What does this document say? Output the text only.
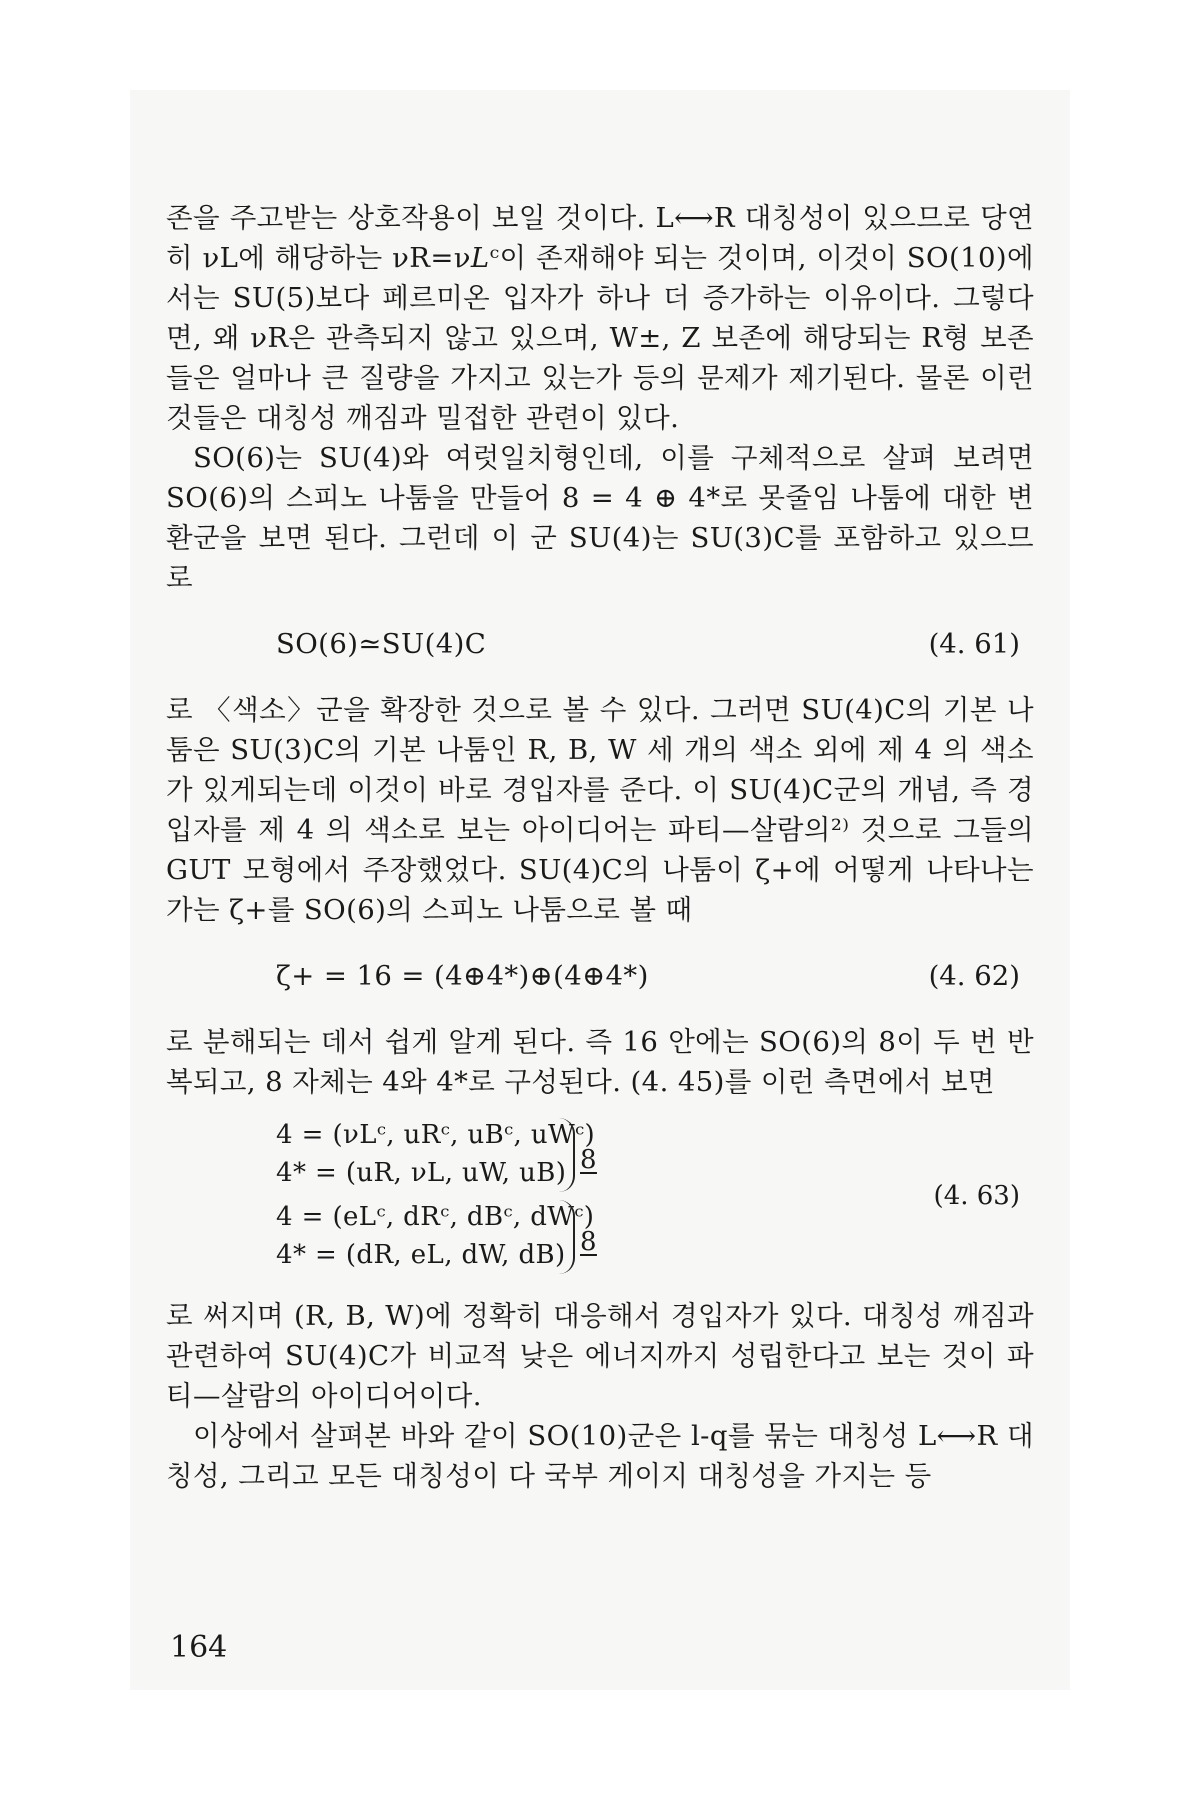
존을 주고받는 상호작용이 보일 것이다. L⟷R 대칭성이 있으므로 당연히 νL에 해당하는 νR=ν𝐿ᶜ이 존재해야 되는 것이며, 이것이 SO(10)에서는 SU(5)보다 페르미온 입자가 하나 더 증가하는 이유이다. 그렇다면, 왜 νR은 관측되지 않고 있으며, W±, Z 보존에 해당되는 R형 보존들은 얼마나 큰 질량을 가지고 있는가 등의 문제가 제기된다. 물론 이런 것들은 대칭성 깨짐과 밀접한 관련이 있다.

SO(6)는 SU(4)와 여럿일치형인데, 이를 구체적으로 살펴 보려면 SO(6)의 스피노 나툼을 만들어 8 = 4 ⊕ 4*로 못줄임 나툼에 대한 변환군을 보면 된다. 그런데 이 군 SU(4)는 SU(3)C를 포함하고 있으므로

SO(6)≃SU(4)C	(4. 61)

로 〈색소〉군을 확장한 것으로 볼 수 있다. 그러면 SU(4)C의 기본 나툼은 SU(3)C의 기본 나툼인 R, B, W 세 개의 색소 외에 제 4 의 색소가 있게되는데 이것이 바로 경입자를 준다. 이 SU(4)C군의 개념, 즉 경입자를 제 4 의 색소로 보는 아이디어는 파티—살람의²⁾ 것으로 그들의 GUT 모형에서 주장했었다. SU(4)C의 나툼이 ζ+에 어떻게 나타나는가는 ζ+를 SO(6)의 스피노 나툼으로 볼 때

ζ+ = 16 = (4⊕4*)⊕(4⊕4*)	(4. 62)

로 분해되는 데서 쉽게 알게 된다. 즉 16 안에는 SO(6)의 8이 두 번 반복되고, 8 자체는 4와 4*로 구성된다. (4. 45)를 이런 측면에서 보면

4 = (νLᶜ, uRᶜ, uBᶜ, uWᶜ)
4* = (uR, νL, uW, uB)
4 = (eLᶜ, dRᶜ, dBᶜ, dWᶜ)
4* = (dR, eL, dW, dB)
8
8
(4. 63)

로 써지며 (R, B, W)에 정확히 대응해서 경입자가 있다. 대칭성 깨짐과 관련하여 SU(4)C가 비교적 낮은 에너지까지 성립한다고 보는 것이 파티—살람의 아이디어이다.

이상에서 살펴본 바와 같이 SO(10)군은 l-q를 묶는 대칭성 L⟷R 대칭성, 그리고 모든 대칭성이 다 국부 게이지 대칭성을 가지는 등

164
